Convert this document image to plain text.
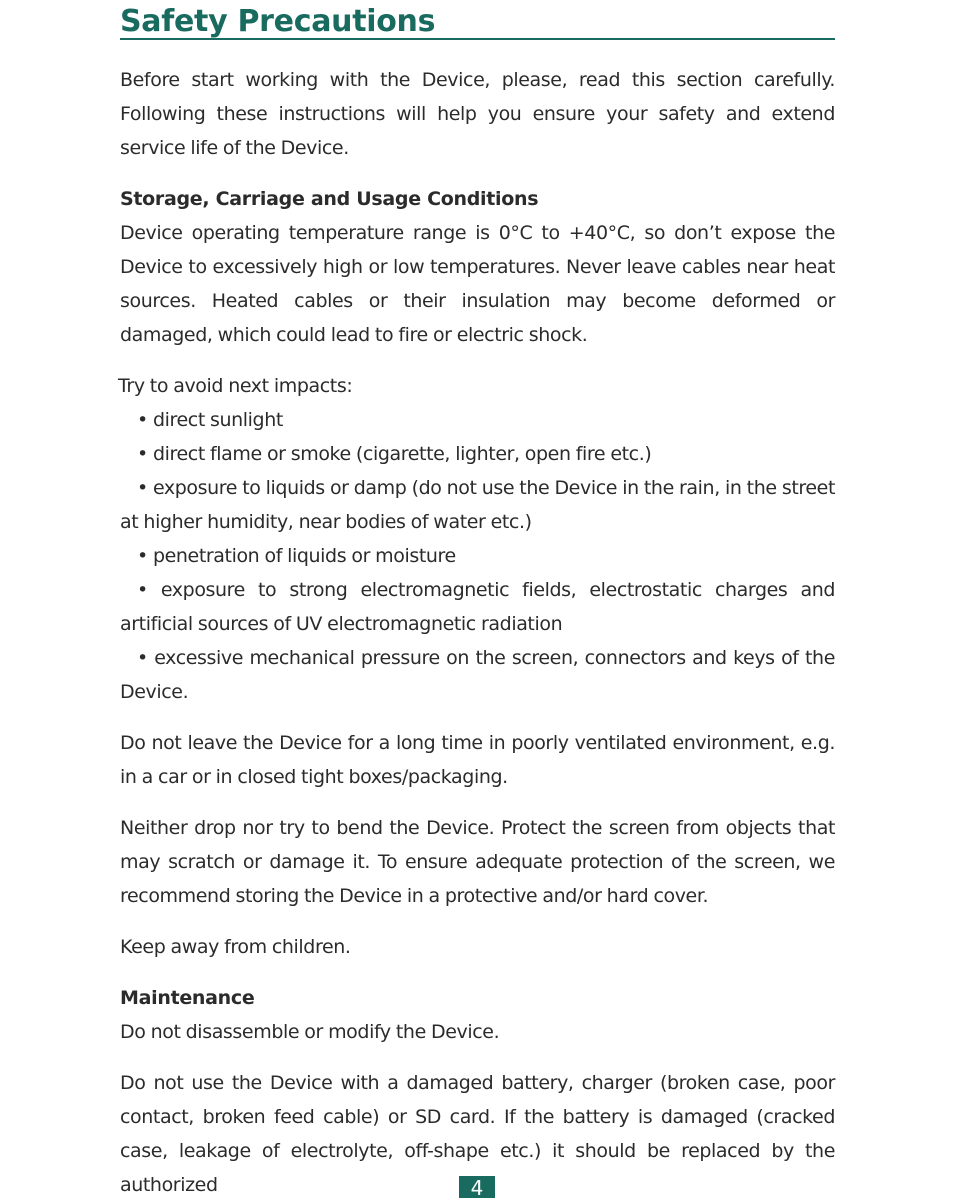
Safety Precautions

Before start working with the Device, please, read this section carefully. Following these instructions will help you ensure your safety and extend service life of the Device.

Storage, Carriage and Usage Conditions

Device operating temperature range is 0°C to +40°C, so don’t expose the Device to excessively high or low temperatures. Never leave cables near heat sources. Heated cables or their insulation may become deformed or damaged, which could lead to fire or electric shock.

Try to avoid next impacts:

• direct sunlight

• direct flame or smoke (cigarette, lighter, open fire etc.)

• exposure to liquids or damp (do not use the Device in the rain, in the street at higher humidity, near bodies of water etc.)

• penetration of liquids or moisture

• exposure to strong electromagnetic fields, electrostatic charges and artificial sources of UV electromagnetic radiation

• excessive mechanical pressure on the screen, connectors and keys of the Device.

Do not leave the Device for a long time in poorly ventilated environment, e.g. in a car or in closed tight boxes/packaging.

Neither drop nor try to bend the Device. Protect the screen from objects that may scratch or damage it. To ensure adequate protection of the screen, we recommend storing the Device in a protective and/or hard cover.

Keep away from children.

Maintenance

Do not disassemble or modify the Device.

Do not use the Device with a damaged battery, charger (broken case, poor contact, broken feed cable) or SD card. If the battery is damaged (cracked case, leakage of electrolyte, off-shape etc.) it should be replaced by the authorized	4
